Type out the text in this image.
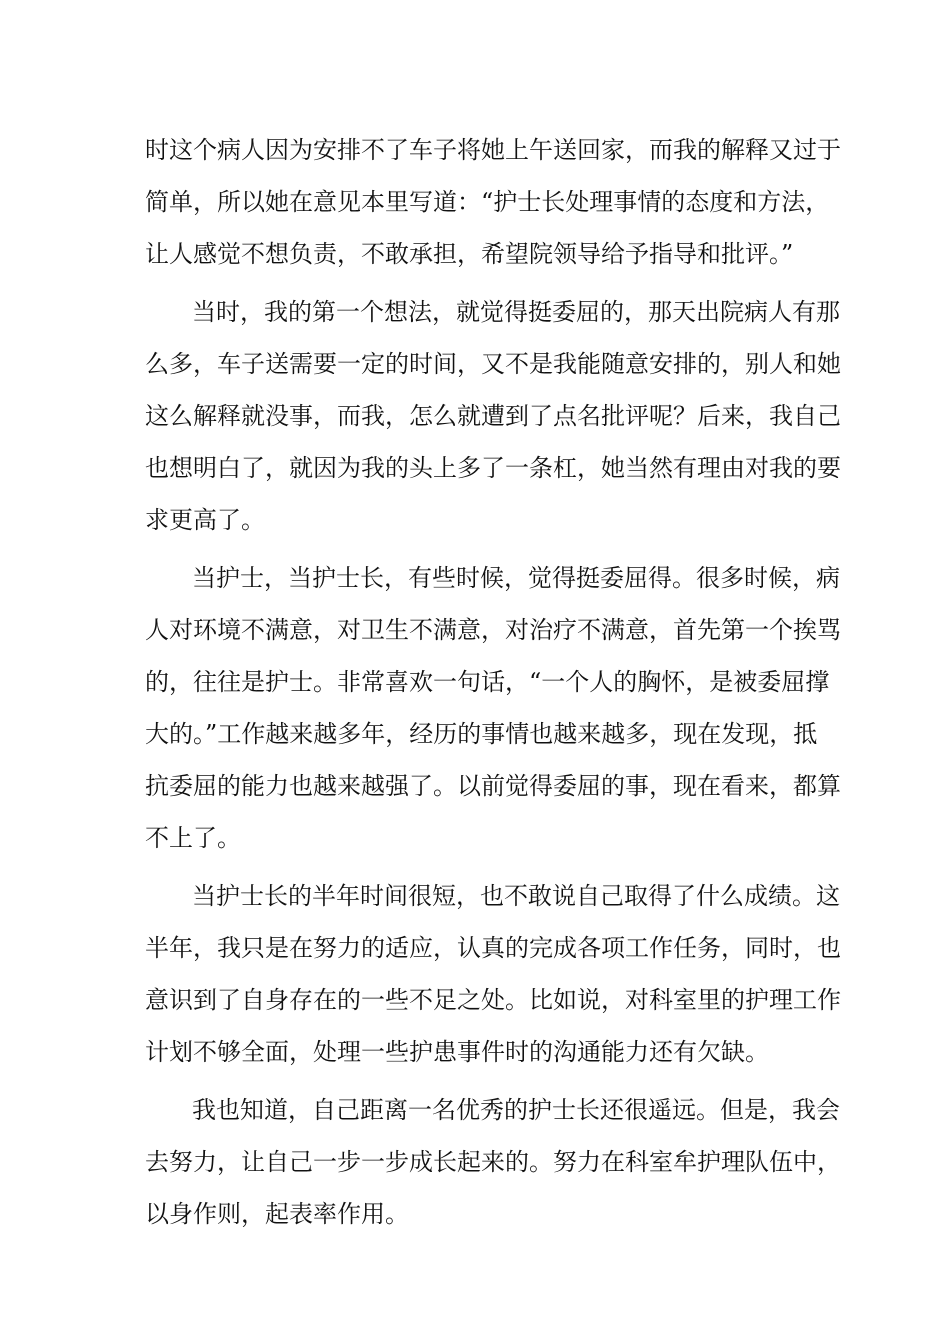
时这个病人因为安排不了车子将她上午送回家，而我的解释又过于
简单，所以她在意见本里写道：“护士长处理事情的态度和方法，
让人感觉不想负责，不敢承担，希望院领导给予指导和批评。”
当时，我的第一个想法，就觉得挺委屈的，那天出院病人有那
么多，车子送需要一定的时间，又不是我能随意安排的，别人和她
这么解释就没事，而我，怎么就遭到了点名批评呢？后来，我自己
也想明白了，就因为我的头上多了一条杠，她当然有理由对我的要
求更高了。
当护士，当护士长，有些时候，觉得挺委屈得。很多时候，病
人对环境不满意，对卫生不满意，对治疗不满意，首先第一个挨骂
的，往往是护士。非常喜欢一句话，“一个人的胸怀，是被委屈撑
大的。”工作越来越多年，经历的事情也越来越多，现在发现，抵
抗委屈的能力也越来越强了。以前觉得委屈的事，现在看来，都算
不上了。
当护士长的半年时间很短，也不敢说自己取得了什么成绩。这
半年，我只是在努力的适应，认真的完成各项工作任务，同时，也
意识到了自身存在的一些不足之处。比如说，对科室里的护理工作
计划不够全面，处理一些护患事件时的沟通能力还有欠缺。
我也知道，自己距离一名优秀的护士长还很遥远。但是，我会
去努力，让自己一步一步成长起来的。努力在科室牟护理队伍中，
以身作则，起表率作用。
